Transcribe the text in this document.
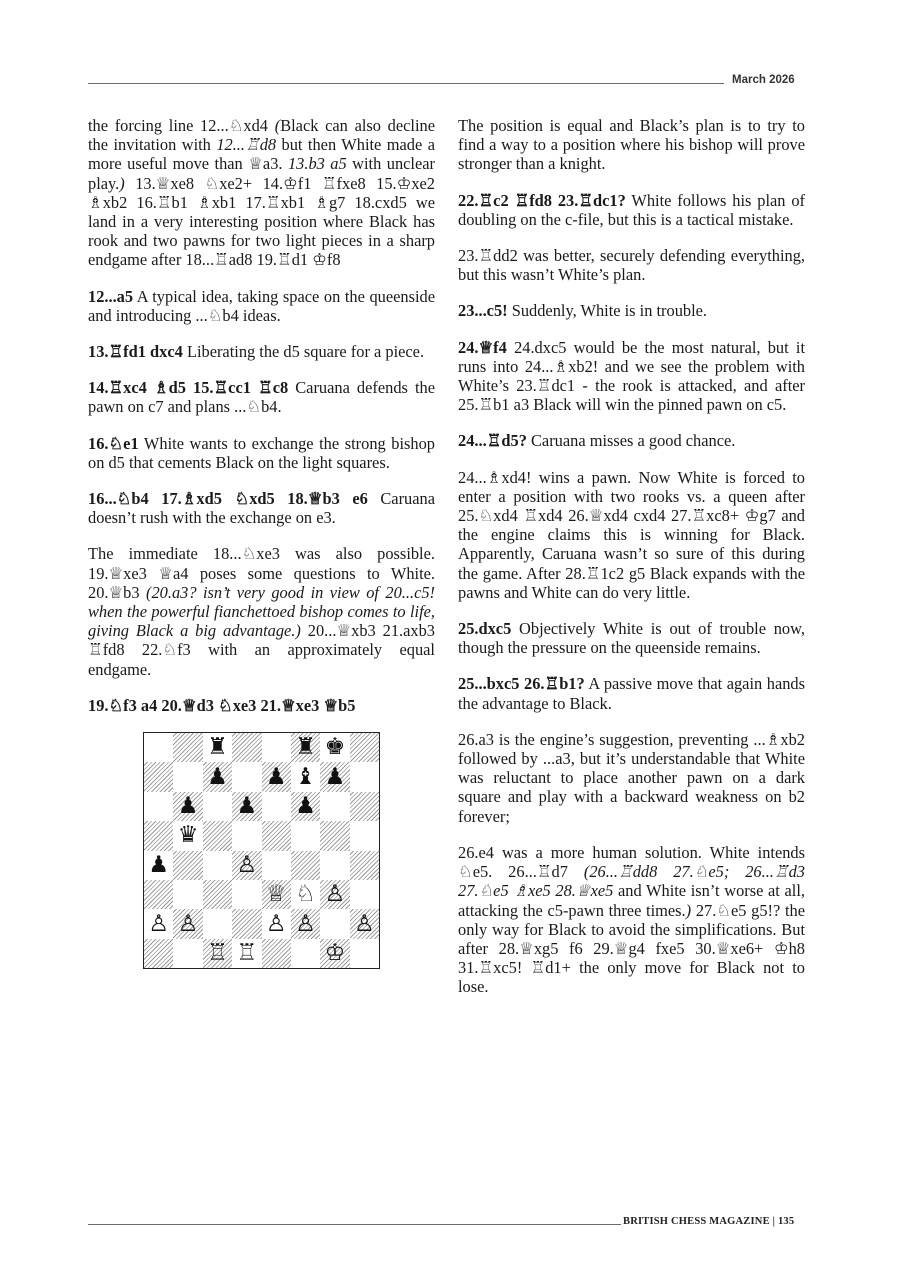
March 2026

the forcing line 12...♘xd4 (Black can also decline the invitation with 12...♖d8 but then White made a more useful move than ♕a3. 13.b3 a5 with unclear play.) 13.♕xe8 ♘xe2+ 14.♔f1 ♖fxe8 15.♔xe2 ♗xb2 16.♖b1 ♗xb1 17.♖xb1 ♗g7 18.cxd5 we land in a very interesting position where Black has rook and two pawns for two light pieces in a sharp endgame after 18...♖ad8 19.♖d1 ♔f8

12...a5 A typical idea, taking space on the queenside and introducing ...♘b4 ideas.

13.♖fd1 dxc4 Liberating the d5 square for a piece.

14.♖xc4 ♗d5 15.♖cc1 ♖c8 Caruana defends the pawn on c7 and plans ...♘b4.

16.♘e1 White wants to exchange the strong bishop on d5 that cements Black on the light squares.

16...♘b4 17.♗xd5 ♘xd5 18.♕b3 e6 Caruana doesn’t rush with the exchange on e3.

The immediate 18...♘xe3 was also possible. 19.♕xe3 ♕a4 poses some questions to White. 20.♕b3 (20.a3? isn’t very good in view of 20...c5! when the powerful fianchettoed bishop comes to life, giving Black a big advantage.) 20...♕xb3 21.axb3 ♖fd8 22.♘f3 with an approximately equal endgame.

19.♘f3 a4 20.♕d3 ♘xe3 21.♕xe3 ♕b5

♜	♜ ♚
♟ ♟ ♝ ♟
♟ ♟ ♟
♛
♟	♙
♕ ♘ ♙
♙ ♙	♙ ♙ ♙
♖ ♖	♔

The position is equal and Black’s plan is to try to find a way to a position where his bishop will prove stronger than a knight.

22.♖c2 ♖fd8 23.♖dc1? White follows his plan of doubling on the c-file, but this is a tactical mistake.

23.♖dd2 was better, securely defending everything, but this wasn’t White’s plan.

23...c5! Suddenly, White is in trouble.

24.♕f4 24.dxc5 would be the most natural, but it runs into 24...♗xb2! and we see the problem with White’s 23.♖dc1 - the rook is attacked, and after 25.♖b1 a3 Black will win the pinned pawn on c5.

24...♖d5? Caruana misses a good chance.

24...♗xd4! wins a pawn. Now White is forced to enter a position with two rooks vs. a queen after 25.♘xd4 ♖xd4 26.♕xd4 cxd4 27.♖xc8+ ♔g7 and the engine claims this is winning for Black. Apparently, Caruana wasn’t so sure of this during the game. After 28.♖1c2 g5 Black expands with the pawns and White can do very little.

25.dxc5 Objectively White is out of trouble now, though the pressure on the queenside remains.

25...bxc5 26.♖b1? A passive move that again hands the advantage to Black.

26.a3 is the engine’s suggestion, preventing ...♗xb2 followed by ...a3, but it’s understandable that White was reluctant to place another pawn on a dark square and play with a backward weakness on b2 forever;

26.e4 was a more human solution. White intends ♘e5. 26...♖d7 (26...♖dd8 27.♘e5; 26...♖d3 27.♘e5 ♗xe5 28.♕xe5 and White isn’t worse at all, attacking the c5-pawn three times.) 27.♘e5 g5!? the only way for Black to avoid the simplifications. But after 28.♕xg5 f6 29.♕g4 fxe5 30.♕xe6+ ♔h8 31.♖xc5! ♖d1+ the only move for Black not to lose.

BRITISH CHESS MAGAZINE | 135
